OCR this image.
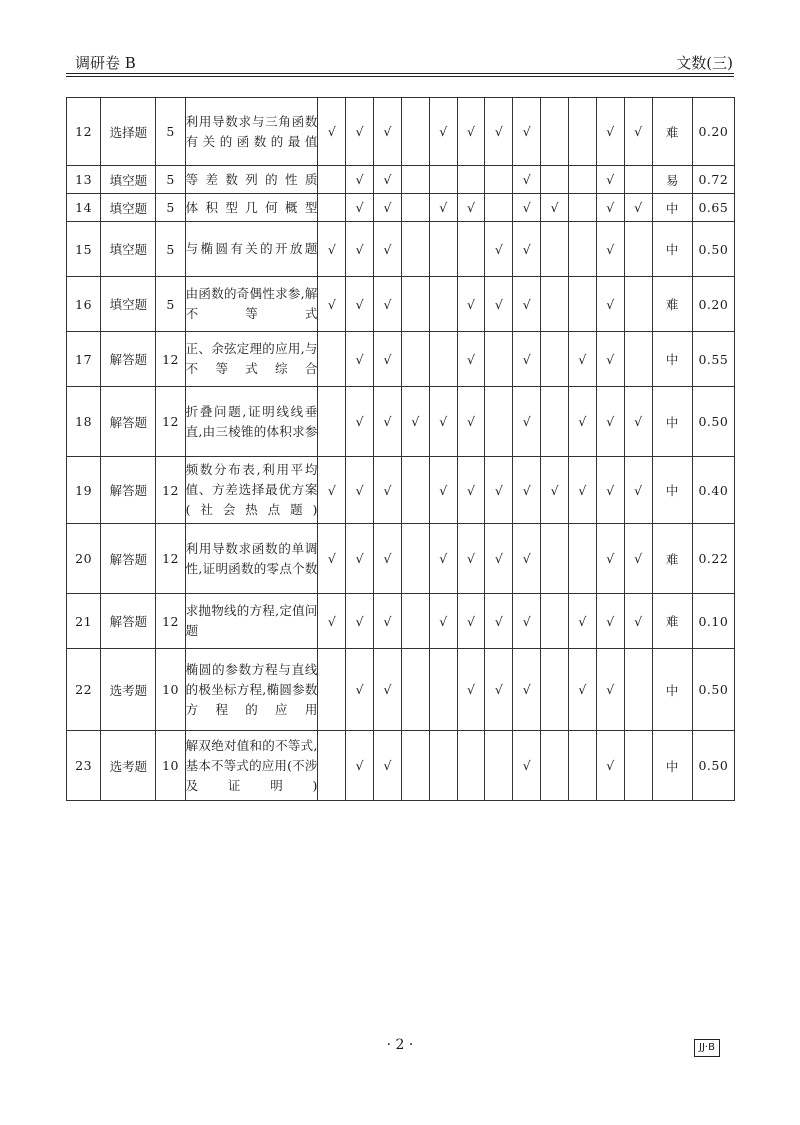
调研卷 B	文数(三)
12	选择题	5	利用导数求与三角函数有关的函数的最值	√	√	√		√	√	√	√			√	√	难	0.20
13	填空题	5	等差数列的性质		√	√					√			√		易	0.72
14	填空题	5	体积型几何概型		√	√		√	√		√	√		√	√	中	0.65
15	填空题	5	与椭圆有关的开放题	√	√	√				√	√			√		中	0.50
16	填空题	5	由函数的奇偶性求参,解不等式	√	√	√			√	√	√			√		难	0.20
17	解答题	12	正、余弦定理的应用,与不等式综合		√	√			√		√		√	√		中	0.55
18	解答题	12	折叠问题,证明线线垂直,由三棱锥的体积求参		√	√	√	√	√		√		√	√	√	中	0.50
19	解答题	12	频数分布表,利用平均值、方差选择最优方案(社会热点题)	√	√	√		√	√	√	√	√	√	√	√	中	0.40
20	解答题	12	利用导数求函数的单调性,证明函数的零点个数	√	√	√		√	√	√	√			√	√	难	0.22
21	解答题	12	求抛物线的方程,定值问题	√	√	√		√	√	√	√		√	√	√	难	0.10
22	选考题	10	椭圆的参数方程与直线的极坐标方程,椭圆参数方程的应用		√	√			√	√	√		√	√		中	0.50
23	选考题	10	解双绝对值和的不等式,基本不等式的应用(不涉及证明)		√	√					√			√		中	0.50
· 2 ·	JJ·B
